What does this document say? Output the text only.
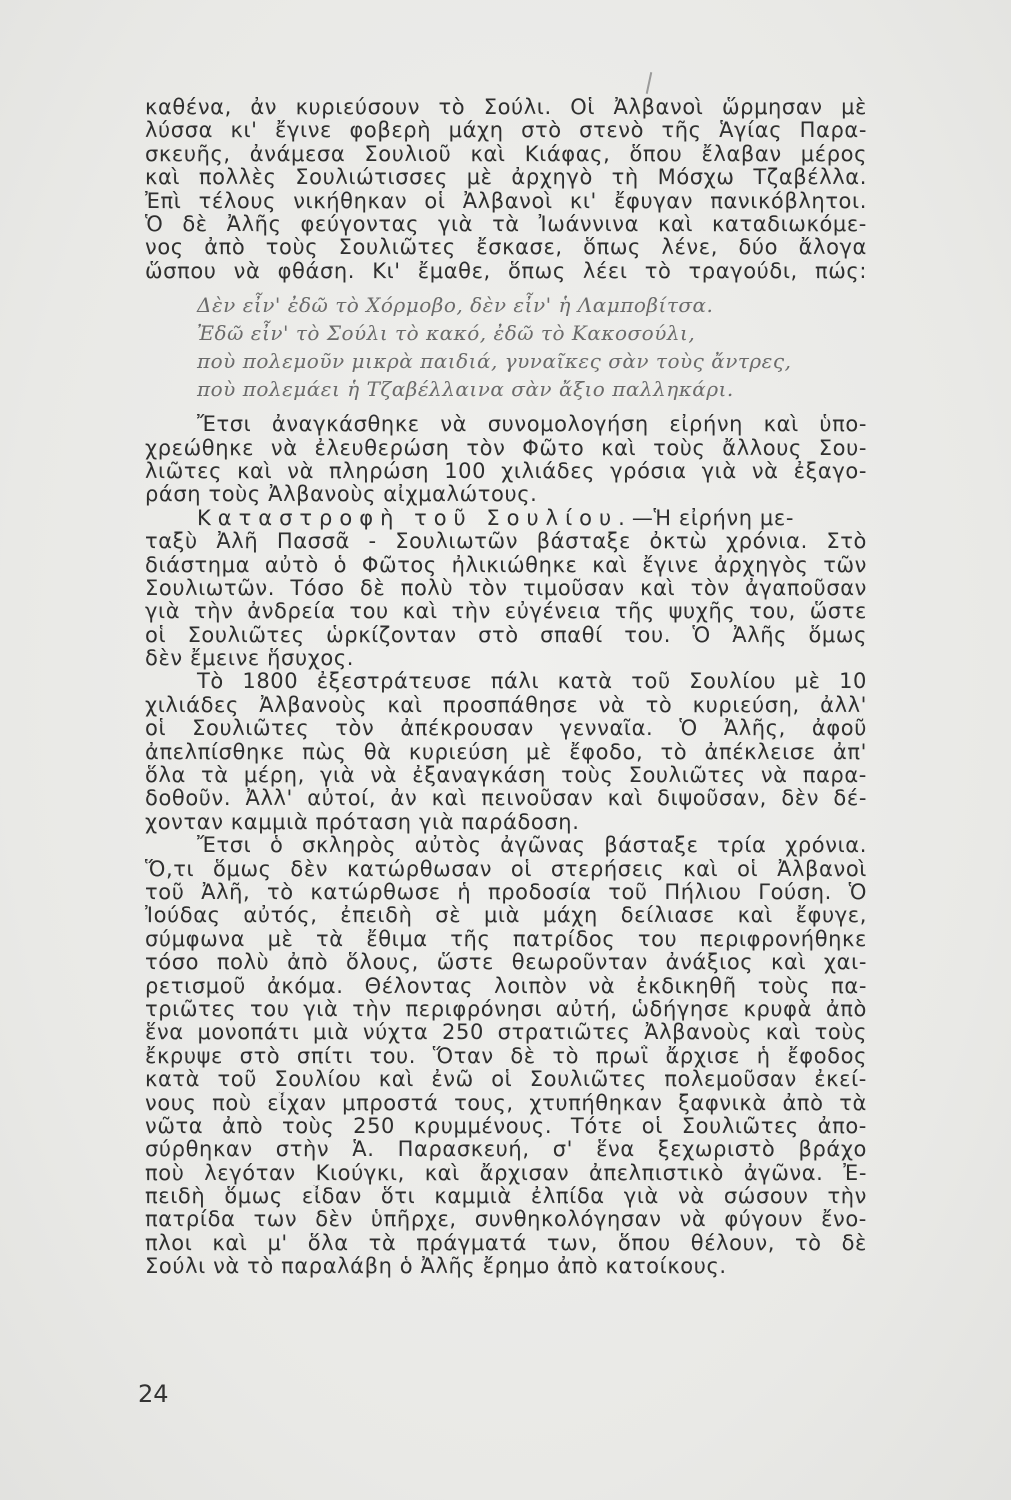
καθένα, ἀν κυριεύσουν τὸ Σούλι. Οἱ Ἀλβανοὶ ὥρμησαν μὲ
λύσσα κι' ἔγινε φοβερὴ μάχη στὸ στενὸ τῆς Ἁγίας Παρα-
σκευῆς, ἀνάμεσα Σουλιοῦ καὶ Κιάφας, ὅπου ἔλαβαν μέρος
καὶ πολλὲς Σουλιώτισσες μὲ ἀρχηγὸ τὴ Μόσχω Τζαβέλλα.
Ἐπὶ τέλους νικήθηκαν οἱ Ἀλβανοὶ κι' ἔφυγαν πανικόβλητοι.
Ὁ δὲ Ἀλῆς φεύγοντας γιὰ τὰ Ἰωάννινα καὶ καταδιωκόμε-
νος ἀπὸ τοὺς Σουλιῶτες ἔσκασε, ὅπως λένε, δύο ἄλογα
ὥσπου νὰ φθάση. Κι' ἔμαθε, ὅπως λέει τὸ τραγούδι, πώς:
Δὲν εἶν' ἐδῶ τὸ Χόρμοβο, δὲν εἶν' ἡ Λαμποβίτσα.
Ἐδῶ εἶν' τὸ Σούλι τὸ κακό, ἐδῶ τὸ Κακοσούλι,
ποὺ πολεμοῦν μικρὰ παιδιά, γυναῖκες σὰν τοὺς ἄντρες,
ποὺ πολεμάει ἡ Τζαβέλλαινα σὰν ἄξιο παλληκάρι.
Ἔτσι ἀναγκάσθηκε νὰ συνομολογήση εἰρήνη καὶ ὑπο-
χρεώθηκε νὰ ἐλευθερώση τὸν Φῶτο καὶ τοὺς ἄλλους Σου-
λιῶτες καὶ νὰ πληρώση 100 χιλιάδες γρόσια γιὰ νὰ ἐξαγο-
ράση τοὺς Ἀλβανοὺς αἰχμαλώτους.
Καταστροφὴ τοῦ Σουλίου.—Ἡ εἰρήνη με-
ταξὺ Ἀλῆ Πασσᾶ - Σουλιωτῶν βάσταξε ὀκτὼ χρόνια. Στὸ
διάστημα αὐτὸ ὁ Φῶτος ἠλικιώθηκε καὶ ἔγινε ἀρχηγὸς τῶν
Σουλιωτῶν. Τόσο δὲ πολὺ τὸν τιμοῦσαν καὶ τὸν ἀγαποῦσαν
γιὰ τὴν ἀνδρεία του καὶ τὴν εὐγένεια τῆς ψυχῆς του, ὥστε
οἱ Σουλιῶτες ὡρκίζονταν στὸ σπαθί του. Ὁ Ἀλῆς ὅμως
δὲν ἔμεινε ἥσυχος.
Τὸ 1800 ἐξεστράτευσε πάλι κατὰ τοῦ Σουλίου μὲ 10
χιλιάδες Ἀλβανοὺς καὶ προσπάθησε νὰ τὸ κυριεύση, ἀλλ'
οἱ Σουλιῶτες τὸν ἀπέκρουσαν γενναῖα. Ὁ Ἀλῆς, ἀφοῦ
ἀπελπίσθηκε πὼς θὰ κυριεύση μὲ ἔφοδο, τὸ ἀπέκλεισε ἀπ'
ὅλα τὰ μέρη, γιὰ νὰ ἐξαναγκάση τοὺς Σουλιῶτες νὰ παρα-
δοθοῦν. Ἀλλ' αὐτοί, ἀν καὶ πεινοῦσαν καὶ διψοῦσαν, δὲν δέ-
χονταν καμμιὰ πρόταση γιὰ παράδοση.
Ἔτσι ὁ σκληρὸς αὐτὸς ἀγῶνας βάσταξε τρία χρόνια.
Ὅ,τι ὅμως δὲν κατώρθωσαν οἱ στερήσεις καὶ οἱ Ἀλβανοὶ
τοῦ Ἀλῆ, τὸ κατώρθωσε ἡ προδοσία τοῦ Πήλιου Γούση. Ὁ
Ἰούδας αὐτός, ἐπειδὴ σὲ μιὰ μάχη δείλιασε καὶ ἔφυγε,
σύμφωνα μὲ τὰ ἔθιμα τῆς πατρίδος του περιφρονήθηκε
τόσο πολὺ ἀπὸ ὅλους, ὥστε θεωροῦνταν ἀνάξιος καὶ χαι-
ρετισμοῦ ἀκόμα. Θέλοντας λοιπὸν νὰ ἐκδικηθῆ τοὺς πα-
τριῶτες του γιὰ τὴν περιφρόνησι αὐτή, ὡδήγησε κρυφὰ ἀπὸ
ἕνα μονοπάτι μιὰ νύχτα 250 στρατιῶτες Ἀλβανοὺς καὶ τοὺς
ἔκρυψε στὸ σπίτι του. Ὅταν δὲ τὸ πρωῒ ἄρχισε ἡ ἔφοδος
κατὰ τοῦ Σουλίου καὶ ἐνῶ οἱ Σουλιῶτες πολεμοῦσαν ἐκεί-
νους ποὺ εἶχαν μπροστά τους, χτυπήθηκαν ξαφνικὰ ἀπὸ τὰ
νῶτα ἀπὸ τοὺς 250 κρυμμένους. Τότε οἱ Σουλιῶτες ἀπο-
σύρθηκαν στὴν Ἁ. Παρασκευή, σ' ἕνα ξεχωριστὸ βράχο
ποὺ λεγόταν Κιούγκι, καὶ ἄρχισαν ἀπελπιστικὸ ἀγῶνα. Ἐ-
πειδὴ ὅμως εἶδαν ὅτι καμμιὰ ἐλπίδα γιὰ νὰ σώσουν τὴν
πατρίδα των δὲν ὑπῆρχε, συνθηκολόγησαν νὰ φύγουν ἔνο-
πλοι καὶ μ' ὅλα τὰ πράγματά των, ὅπου θέλουν, τὸ δὲ
Σούλι νὰ τὸ παραλάβη ὁ Ἀλῆς ἔρημο ἀπὸ κατοίκους.
24
